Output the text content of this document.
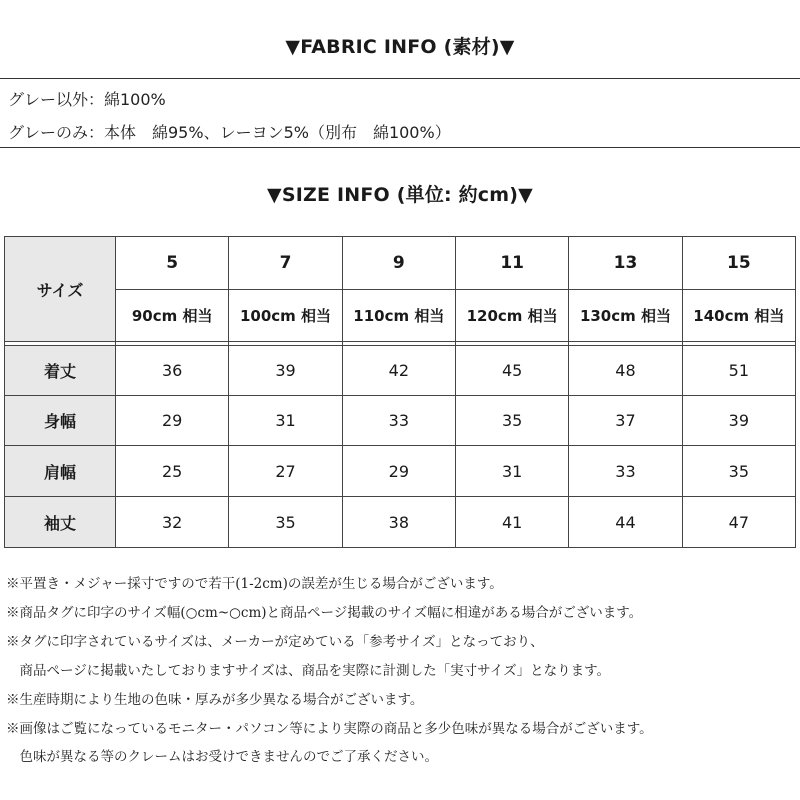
▼FABRIC INFO (素材)▼
グレー以外：綿100%
グレーのみ：本体　綿95%、レーヨン5%（別布　綿100%）
▼SIZE INFO (単位: 約cm)▼
サイズ	5	7	9	11	13	15
	90cm 相当	100cm 相当	110cm 相当	120cm 相当	130cm 相当	140cm 相当

着丈	36	39	42	45	48	51
身幅	29	31	33	35	37	39
肩幅	25	27	29	31	33	35
袖丈	32	35	38	41	44	47
※平置き・メジャー採寸ですので若干(1-2cm)の誤差が生じる場合がございます。
※商品タグに印字のサイズ幅(○cm~○cm)と商品ページ掲載のサイズ幅に相違がある場合がございます。
※タグに印字されているサイズは、メーカーが定めている「参考サイズ」となっており、
　商品ページに掲載いたしておりますサイズは、商品を実際に計測した「実寸サイズ」となります。
※生産時期により生地の色味・厚みが多少異なる場合がございます。
※画像はご覧になっているモニター・パソコン等により実際の商品と多少色味が異なる場合がございます。
　色味が異なる等のクレームはお受けできませんのでご了承ください。
